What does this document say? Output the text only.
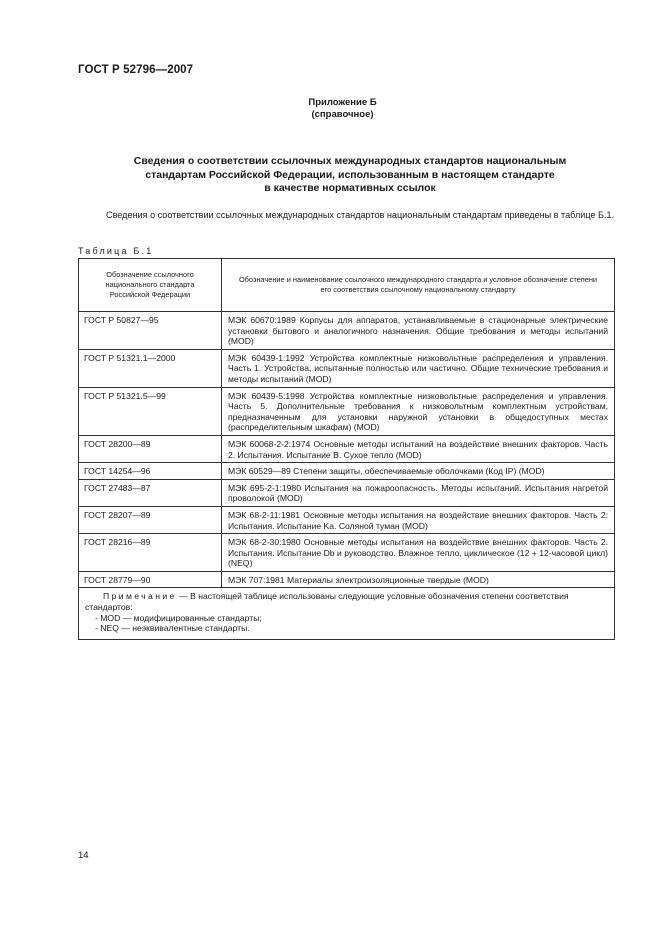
ГОСТ Р 52796—2007
Приложение Б
(справочное)
Сведения о соответствии ссылочных международных стандартов национальным
стандартам Российской Федерации, использованным в настоящем стандарте
в качестве нормативных ссылок
Сведения о соответствии ссылочных международных стандартов национальным стандартам приведены в таблице Б.1.
Таблица Б.1
Обозначение ссылочного национального стандарта Российской Федерации	Обозначение и наименование ссылочного международного стандарта и условное обозначение степени его соответствия ссылочному национальному стандарту
ГОСТ Р 50827—95	МЭК 60670:1989 Корпусы для аппаратов, устанавливаемые в стационарные электрические установки бытового и аналогичного назначения. Общие требования и методы испытаний (MOD)
ГОСТ Р 51321.1—2000	МЭК 60439-1:1992 Устройства комплектные низковольтные распределения и управления. Часть 1. Устройства, испытанные полностью или частично. Общие технические требования и методы испытаний (MOD)
ГОСТ Р 51321.5—99	МЭК 60439-5:1998 Устройства комплектные низковольтные распределения и управления. Часть 5. Дополнительные требования к низковольтным комплектным устройствам, предназначенным для установки наружной установки в общедоступных местах (распределительным шкафам) (MOD)
ГОСТ 28200—89	МЭК 60068-2-2:1974 Основные методы испытаний на воздействие внешних факторов. Часть 2. Испытания. Испытание В. Сухое тепло (MOD)
ГОСТ 14254—96	МЭК 60529—89 Степени защиты, обеспечиваемые оболочками (Код IP) (MOD)
ГОСТ 27483—87	МЭК 695-2-1:1980 Испытания на пожароопасность. Методы испытаний. Испытания нагретой проволокой (MOD)
ГОСТ 28207—89	МЭК 68-2-11:1981 Основные методы испытания на воздействие внешних факторов. Часть 2: Испытания. Испытание Ka. Соляной туман (MOD)
ГОСТ 28216—89	МЭК 68-2-30:1980 Основные методы испытания на воздействие внешних факторов. Часть 2. Испытания. Испытание Db и руководство. Влажное тепло, циклическое (12 + 12-часовой цикл) (NEQ)
ГОСТ 28779—90	МЭК 707:1981 Материалы электроизоляционные твердые (MOD)

Примечание — В настоящей таблице использованы следующие условные обозначения степени соответствия стандартов:
- MOD — модифицированные стандарты;
- NEQ — неэквивалентные стандарты.	
14
